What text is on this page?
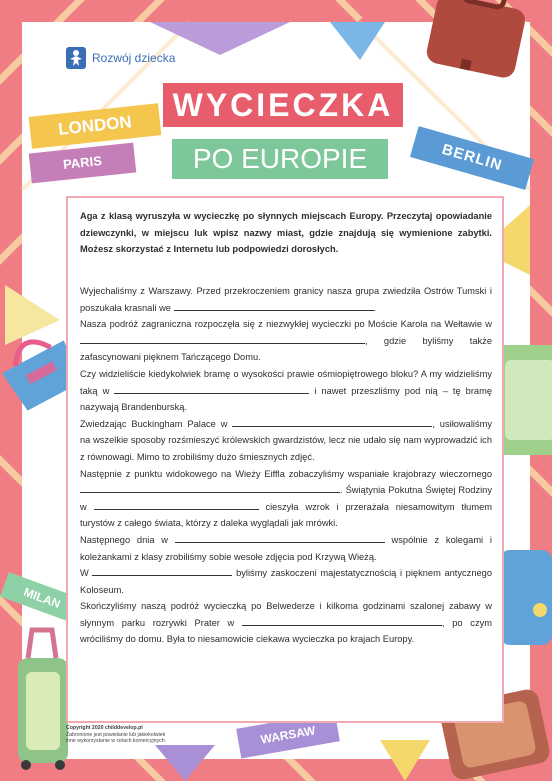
Rozwój dziecka
LONDON
PARIS	BERLIN
MILAN
WARSAW
WYCIECZKA
PO EUROPIE

Aga z klasą wyruszyła w wycieczkę po słynnych miejscach Europy. Przeczytaj opowiadanie dziewczynki, w miejscu luk wpisz nazwy miast, gdzie znajdują się wymienione zabytki. Możesz skorzystać z Internetu lub podpowiedzi dorosłych.

Wyjechaliśmy z Warszawy. Przed przekroczeniem granicy nasza grupa zwiedziła Ostrów Tumski i poszukała krasnali we	.

Nasza podróż zagraniczna rozpoczęła się z niezwykłej wycieczki po Moście Karola na Wełtawie w , gdzie byliśmy także zafascynowani pięknem Tańczącego Domu.

Czy widzieliście kiedykolwiek bramę o wysokości prawie ośmiopiętrowego bloku? A my widzieliśmy taką w	i nawet przeszliśmy pod nią – tę bramę nazywają Brandenburską.

Zwiedzając Buckingham Palace w	, usiłowaliśmy na wszelkie sposoby rozśmieszyć królewskich gwardzistów, lecz nie udało się nam wyprowadzić ich z równowagi. Mimo to zrobiliśmy dużo śmiesznych zdjęć.

Następnie z punktu widokowego na Wieży Eiffla zobaczyliśmy wspaniałe krajobrazy wieczornego . Świątynia Pokutna Świętej Rodziny w	cieszyła wzrok i przerażała niesamowitym tłumem turystów z całego świata, którzy z daleka wyglądali jak mrówki.

Następnego dnia w	wspólnie z kolegami i koleżankami z klasy zrobiliśmy sobie wesołe zdjęcia pod Krzywą Wieżą.

W	byliśmy zaskoczeni majestatycznością i pięknem antycznego Koloseum.

Skończyliśmy naszą podróż wycieczką po Belwederze i kilkoma godzinami szalonej zabawy w słynnym parku rozrywki Prater w	, po czym wróciliśmy do domu. Była to niesamowicie ciekawa wycieczka po krajach Europy.

Copyright 2020 childdevelop.pl
Zabronione jest powielanie lub jakiekolwiek
inne wykorzystanie w celach komercyjnych.
